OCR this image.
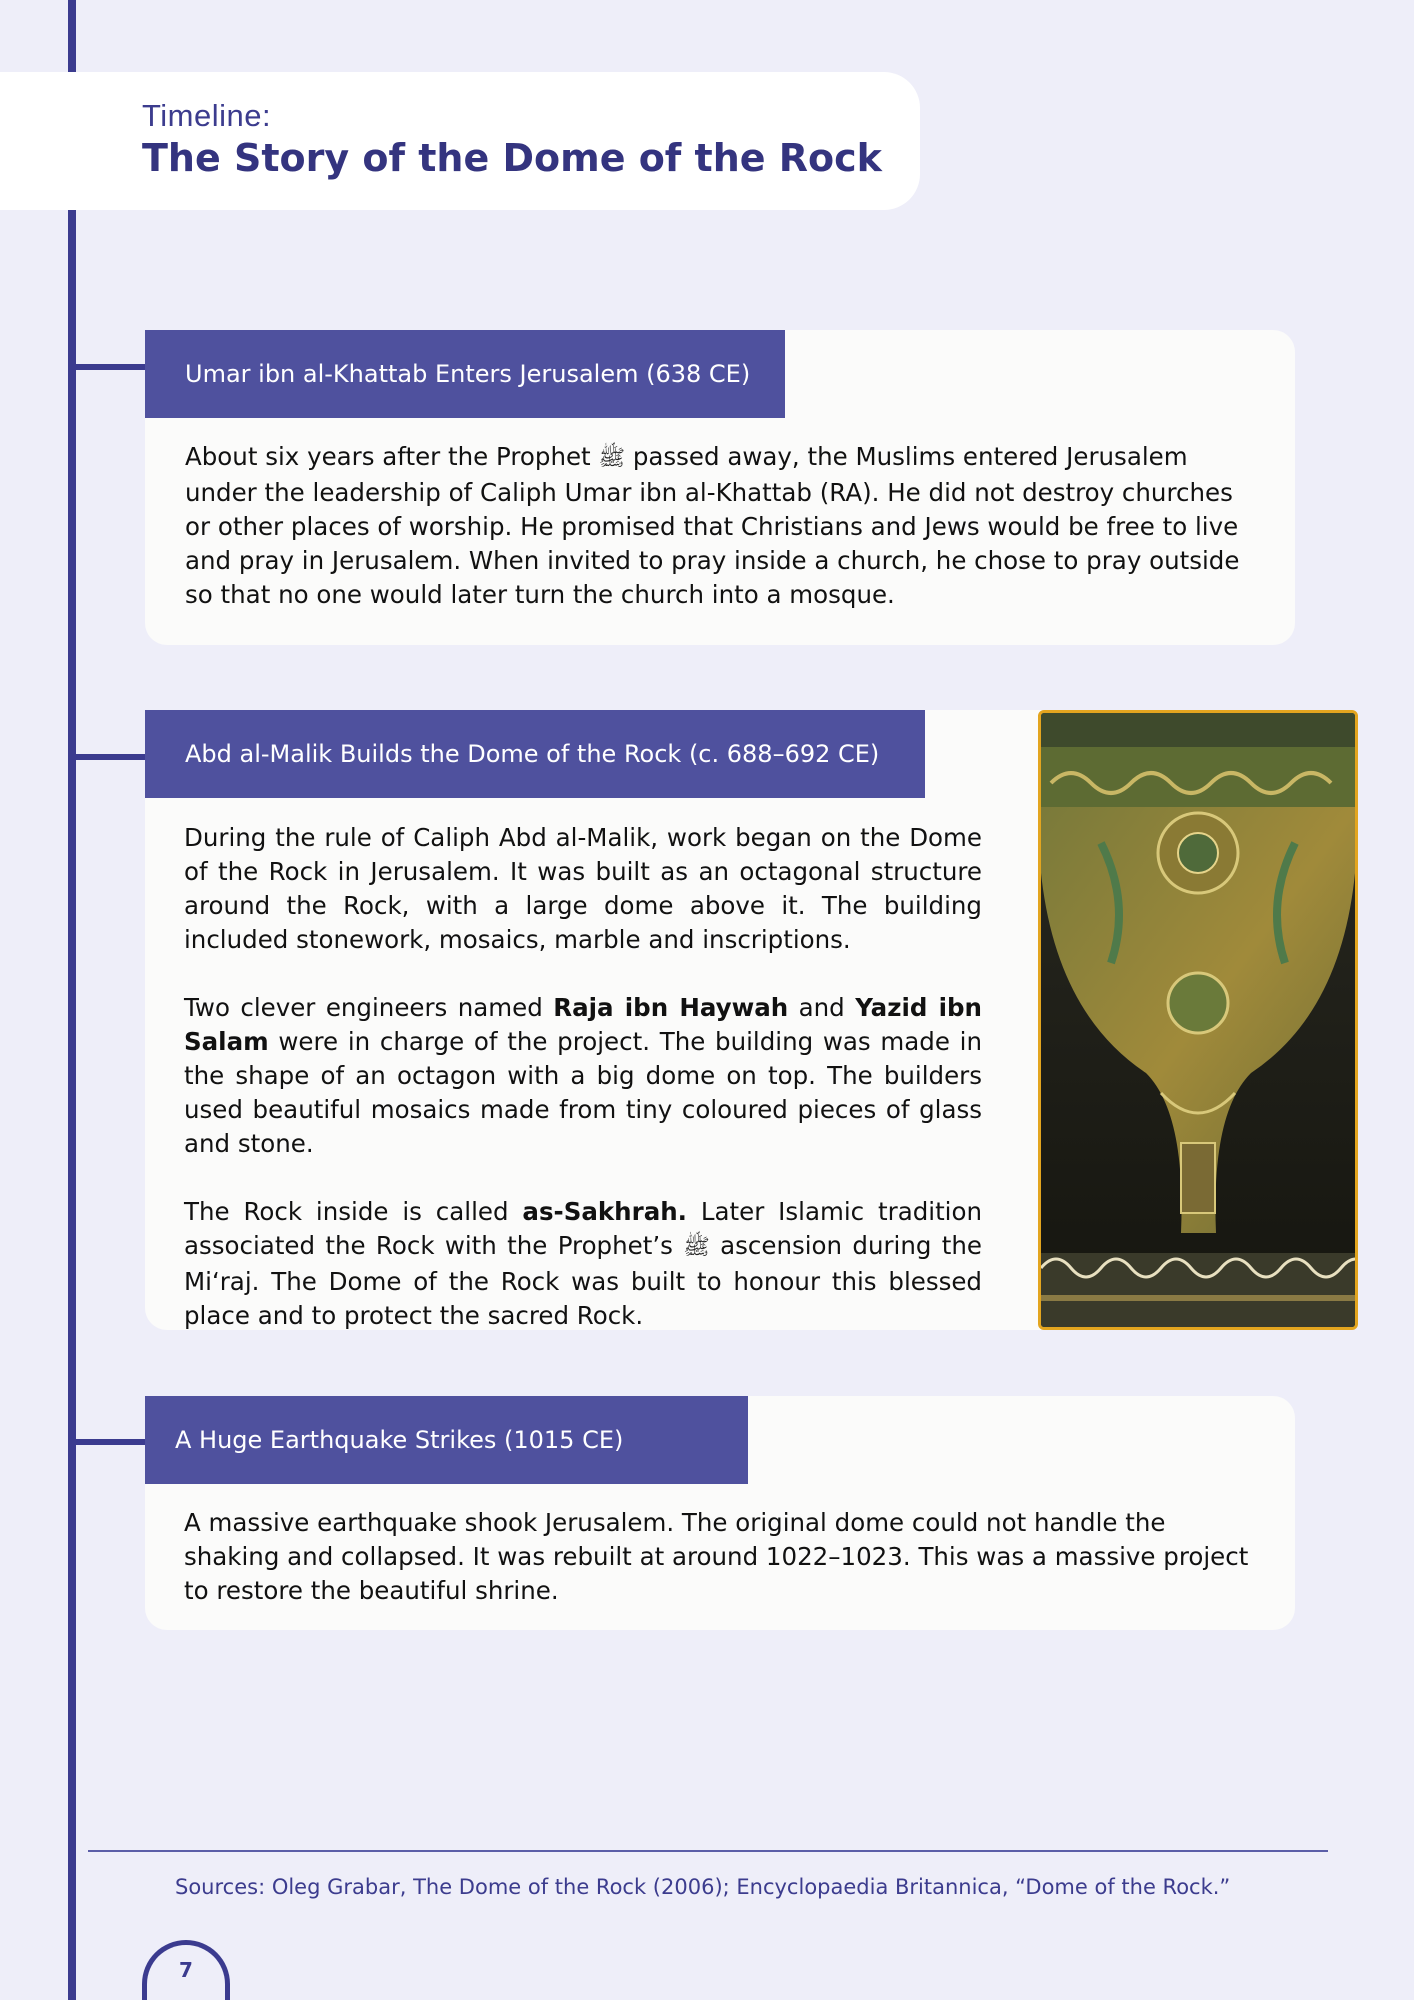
Timeline:
The Story of the Dome of the Rock
Umar ibn al-Khattab Enters Jerusalem (638 CE)
About six years after the Prophet ﷺ passed away, the Muslims entered Jerusalem under the leadership of Caliph Umar ibn al-Khattab (RA). He did not destroy churches or other places of worship. He promised that Christians and Jews would be free to live and pray in Jerusalem. When invited to pray inside a church, he chose to pray outside so that no one would later turn the church into a mosque.
Abd al-Malik Builds the Dome of the Rock (c. 688–692 CE)

During the rule of Caliph Abd al-Malik, work began on the Dome of the Rock in Jerusalem. It was built as an octagonal structure around the Rock, with a large dome above it. The building included stonework, mosaics, marble and inscriptions.

Two clever engineers named Raja ibn Haywah and Yazid ibn Salam were in charge of the project. The building was made in the shape of an octagon with a big dome on top. The builders used beautiful mosaics made from tiny coloured pieces of glass and stone.

The Rock inside is called as-Sakhrah. Later Islamic tradition associated the Rock with the Prophet’s ﷺ ascension during the Mi‘raj. The Dome of the Rock was built to honour this blessed place and to protect the sacred Rock.

A Huge Earthquake Strikes (1015 CE)
A massive earthquake shook Jerusalem. The original dome could not handle the shaking and collapsed. It was rebuilt at around 1022–1023. This was a massive project to restore the beautiful shrine.
Sources: Oleg Grabar, The Dome of the Rock (2006); Encyclopaedia Britannica, “Dome of the Rock.”
7
